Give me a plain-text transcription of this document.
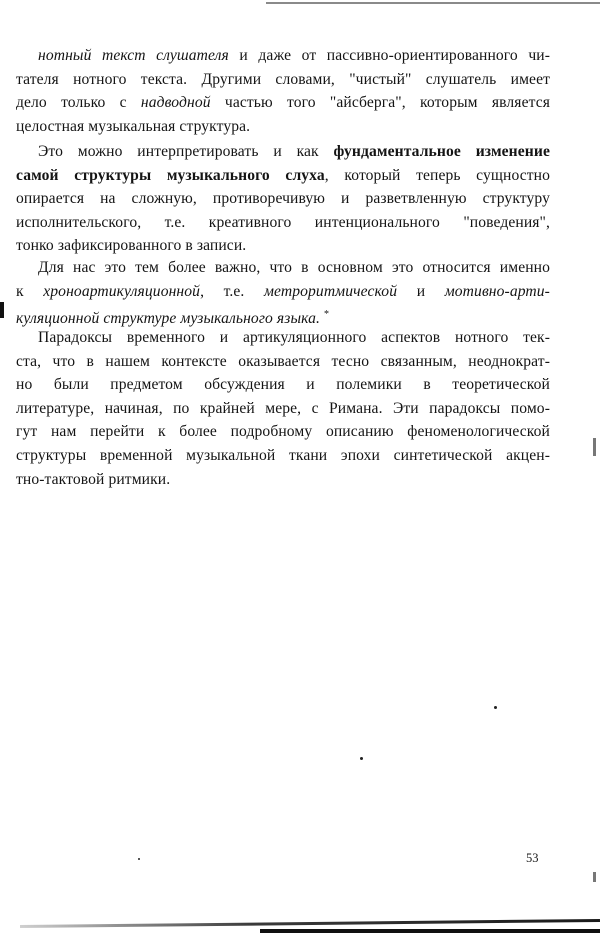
нотный текст слушателя и даже от пассивно-ориентированного чи-
тателя нотного текста. Другими словами, "чистый" слушатель имеет
дело только с надводной частью того "айсберга", которым является
целостная музыкальная структура.
Это можно интерпретировать и как фундаментальное изменение
самой структуры музыкального слуха, который теперь сущностно
опирается на сложную, противоречивую и разветвленную структуру
исполнительского, т.е. креативного интенционального "поведения",
тонко зафиксированного в записи.
Для нас это тем более важно, что в основном это относится именно
к хроноартикуляционной, т.е. метроритмической и мотивно-арти-
куляционной структуре музыкального языка. *
Парадоксы временного и артикуляционного аспектов нотного тек-
ста, что в нашем контексте оказывается тесно связанным, неоднократ-
но были предметом обсуждения и полемики в теоретической
литературе, начиная, по крайней мере, с Римана. Эти парадоксы помо-
гут нам перейти к более подробному описанию феноменологической
структуры временной музыкальной ткани эпохи синтетической акцен-
тно-тактовой ритмики.
53
